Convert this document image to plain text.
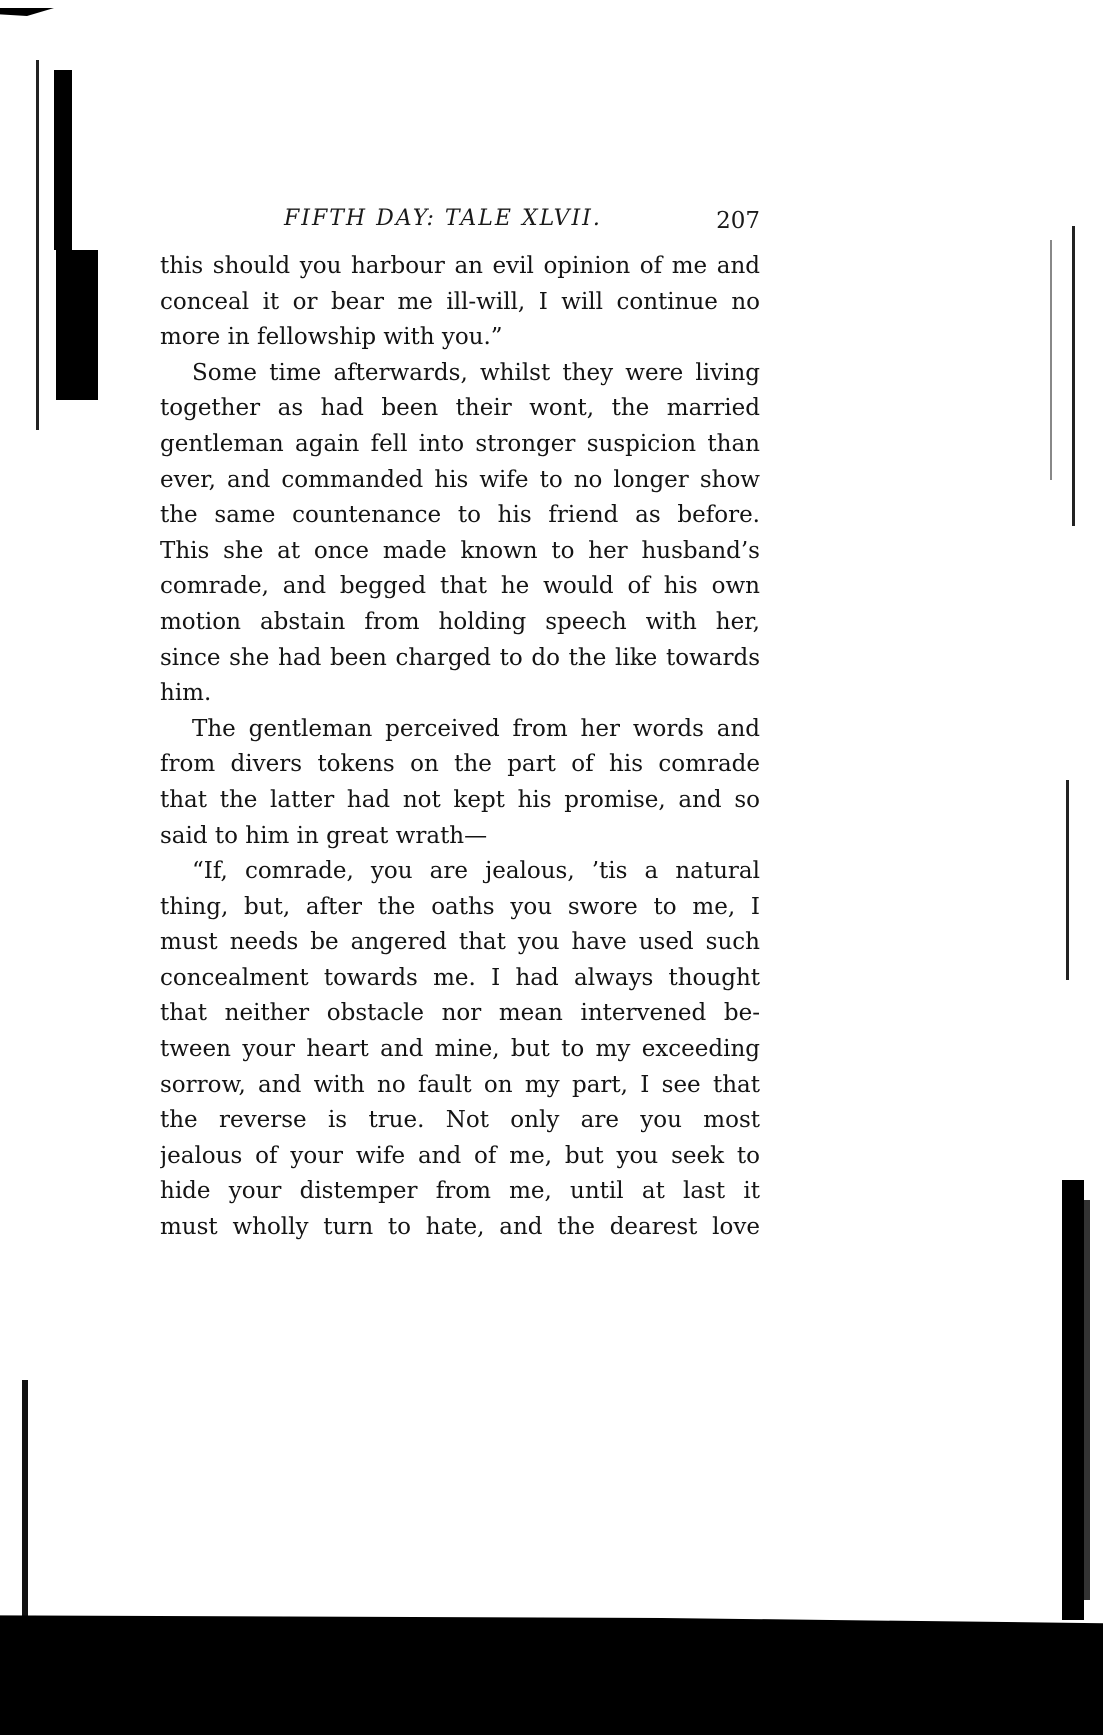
FIFTH DAY: TALE XLVII.	207
this should you harbour an evil opinion of me and
conceal it or bear me ill-will, I will continue no
more in fellowship with you.”
Some time afterwards, whilst they were living
together as had been their wont, the married
gentleman again fell into stronger suspicion than
ever, and commanded his wife to no longer show
the same countenance to his friend as before.
This she at once made known to her husband’s
comrade, and begged that he would of his own
motion abstain from holding speech with her,
since she had been charged to do the like towards
him.
The gentleman perceived from her words and
from divers tokens on the part of his comrade
that the latter had not kept his promise, and so
said to him in great wrath—
“If, comrade, you are jealous, ’tis a natural
thing, but, after the oaths you swore to me, I
must needs be angered that you have used such
concealment towards me. I had always thought
that neither obstacle nor mean intervened be-
tween your heart and mine, but to my exceeding
sorrow, and with no fault on my part, I see that
the reverse is true. Not only are you most
jealous of your wife and of me, but you seek to
hide your distemper from me, until at last it
must wholly turn to hate, and the dearest love
